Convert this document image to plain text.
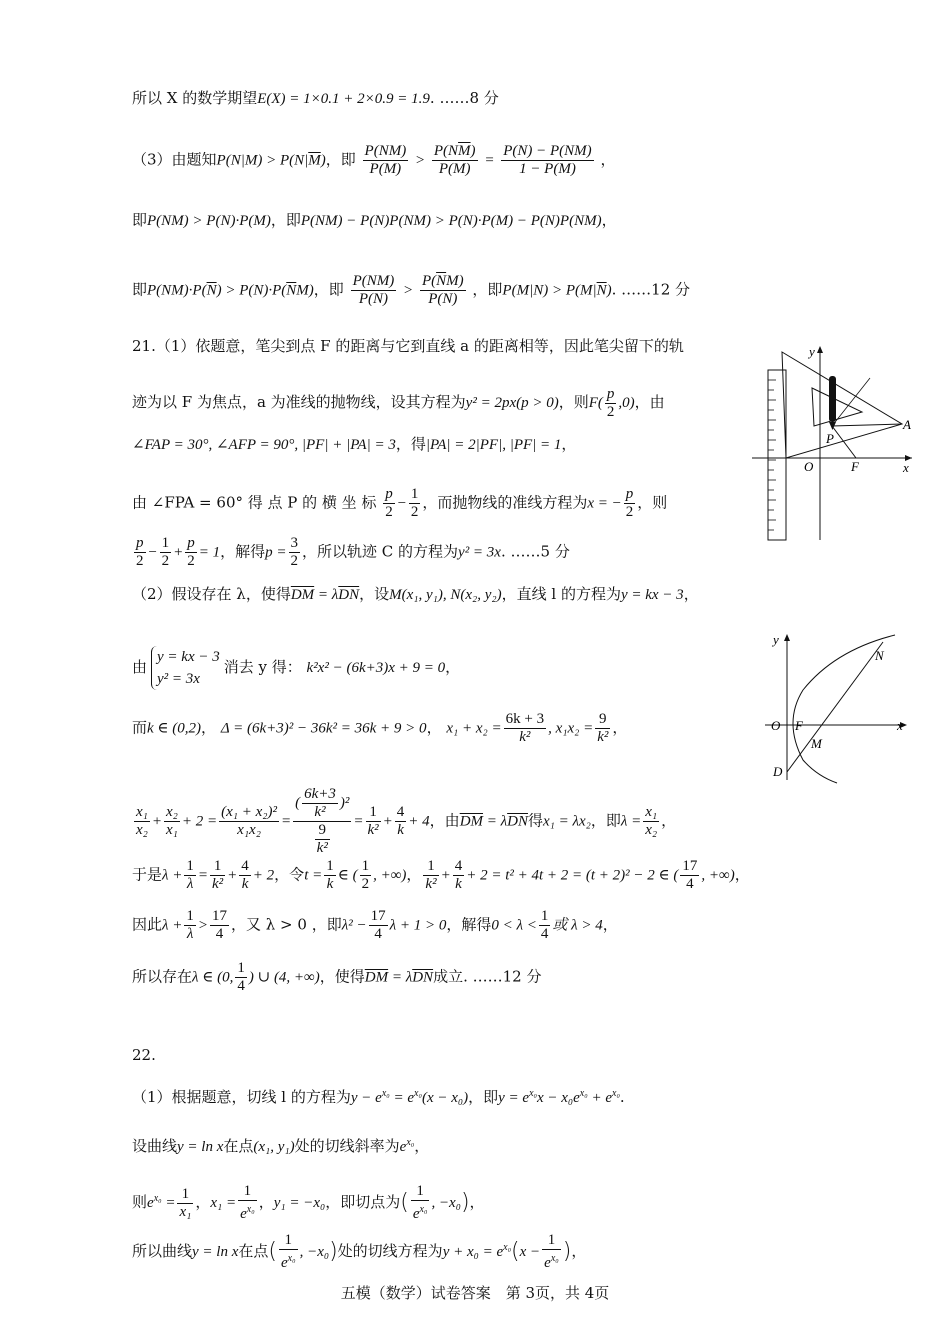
所以 X 的数学期望E(X) = 1×0.1 + 2×0.9 = 1.9. ……8 分
（3）由题知$P(N|M) > P(N|\overline{M})$，即 $\frac{P(NM)}{P(M)} > \frac{P(N\overline{M})}{P(\overline{M})} = \frac{P(N) - P(NM)}{1 - P(M)}$ ，
即P(NM) > P(N)·P(M)，即P(NM) − P(N)P(NM) > P(N)·P(M) − P(N)P(NM)，
即$P(NM)\cdot P(\overline{N}) > P(N)\cdot P(\overline{N}M)$，即 $\frac{P(NM)}{P(N)} > \frac{P(\overline{N}M)}{P(\overline{N})}$ ，即$P(M|N) > P(M|\overline{N})$. ……12 分
21.（1）依题意，笔尖到点 F 的距离与它到直线 a 的距离相等，因此笔尖留下的轨
迹为以 F 为焦点，a 为准线的抛物线，设其方程为y² = 2px(p > 0)，则$F( \frac{p}{2} ,0)$，由
∠FAP = 30°, ∠AFP = 90°, |PF| + |PA| = 3，得|PA| = 2|PF|, |PF| = 1，
由 ∠FPA = 60° 得 点 P 的 横 坐 标 $\frac{p}{2} - \frac{1}{2}$ ，而抛物线的准线方程为x = − $\frac{p}{2}$ ，则
$\frac{p}{2} - \frac{1}{2} + \frac{p}{2} = 1$，解得$p = \frac{3}{2}$ ，所以轨迹 C 的方程为y² = 3x. ……5 分
（2）假设存在 λ，使得$\overline{DM} = \lambda\overline{DN}$，设M(x₁, y₁), N(x₂, y₂)，直线 l 的方程为y = kx − 3，
由
y = kx − 3
y² = 3x
消去 y 得： k²x² − (6k+3)x + 9 = 0，
而k ∈ (0,2)， Δ = (6k+3)² − 36k² = 36k + 9 > 0， $x_1 + x_2 = \frac{6k + 3}{\text{k²}}$ , $x_1x_2 = \frac{9}{\text{k²}}$ ，
$\frac{\text{x₁}}{\text{x₂}} + \frac{\text{x₂}}{\text{x₁}} + 2 = \frac{\text{(x₁ + x₂)²}}{\text{x₁x₂}} = \frac{( \frac{6k+3}{\text{k²}} )^2}{\frac{9}{\text{k²}}} = \frac{1}{\text{k²}} + \frac{4}{k} + 4$，由$\overline{DM} = \lambda\overline{DN}$得x₁ = λx₂，即$\lambda = \frac{\text{x₁}}{\text{x₂}}$ ，
于是$\lambda + \frac{1}{\lambda} = \frac{1}{\text{k²}} + \frac{4}{k} + 2$，令$t = \frac{1}{k}$ ∈ ( $\frac{1}{2}$ , +∞)， $\frac{1}{\text{k²}} + \frac{4}{k} + 2 = t^2 + 4t + 2 = (t + 2)^2 - 2$ ∈ ( $\frac{17}{4}$ , +∞)，
因此$\lambda + \frac{1}{\lambda} > \frac{17}{4}$ ，又 λ > 0 ，即$\lambda^2 - \frac{17}{4}$ λ + 1 > 0，解得$0 < \lambda < \frac{1}{4}$ 或 λ > 4，
所以存在λ ∈ (0, $\frac{1}{4}$ ) ∪ (4, +∞)，使得$\overline{DM} = \lambda\overline{DN}$成立. ……12 分
22.
（1）根据题意，切线 l 的方程为$y - e^{x_0} = e^{x_0}(x - x_0)$，即$y = e^{x_0}x - x_0e^{x_0} + e^{x_0}$.
设曲线y = ln x在点(x₁, y₁)处的切线斜率为$e^{x_0}$，
则$e^{x_0} = \frac{1}{\text{x₁}}$ ，$x_1 = \frac{1}{e^{x_0}}$ ，y₁ = −x₀，即切点为( $\frac{1}{e^{x_0}}$ , −x₀)，
所以曲线y = ln x在点( $\frac{1}{e^{x_0}}$ , −x₀)处的切线方程为$y + x_0 = e^{x_0}(x - \frac{1}{e^{x_0}}$ )，
y
P
A
O	F	x
y
N
O F
M
D
x
五模（数学）试卷答案　第 3页，共 4页
